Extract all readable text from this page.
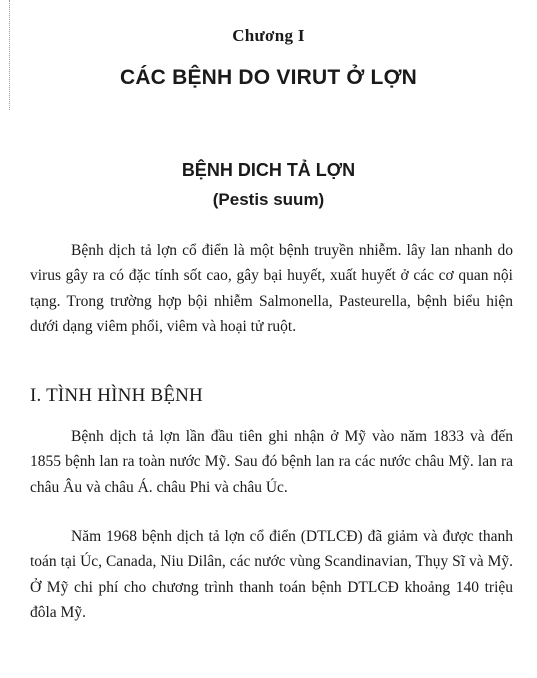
Chương I
CÁC BỆNH DO VIRUT Ở LỢN
BỆNH DICH TẢ LỢN
(Pestis suum)

Bệnh dịch tả lợn cổ điển là một bệnh truyền nhiễm. lây lan nhanh do virus gây ra có đặc tính sốt cao, gây bại huyết, xuất huyết ở các cơ quan nội tạng. Trong trường hợp bội nhiễm Salmonella, Pasteurella, bệnh biểu hiện dưới dạng viêm phổi, viêm và hoại tử ruột.

I. TÌNH HÌNH BỆNH

Bệnh dịch tả lợn lần đầu tiên ghi nhận ở Mỹ vào năm 1833 và đến 1855 bệnh lan ra toàn nước Mỹ. Sau đó bệnh lan ra các nước châu Mỹ. lan ra châu Âu và châu Á. châu Phi và châu Úc.

Năm 1968 bệnh dịch tả lợn cổ điển (DTLCĐ) đã giảm và được thanh toán tại Úc, Canada, Niu Dilân, các nước vùng Scandinavian, Thụy Sĩ và Mỹ. Ở Mỹ chi phí cho chương trình thanh toán bệnh DTLCĐ khoảng 140 triệu đôla Mỹ.
